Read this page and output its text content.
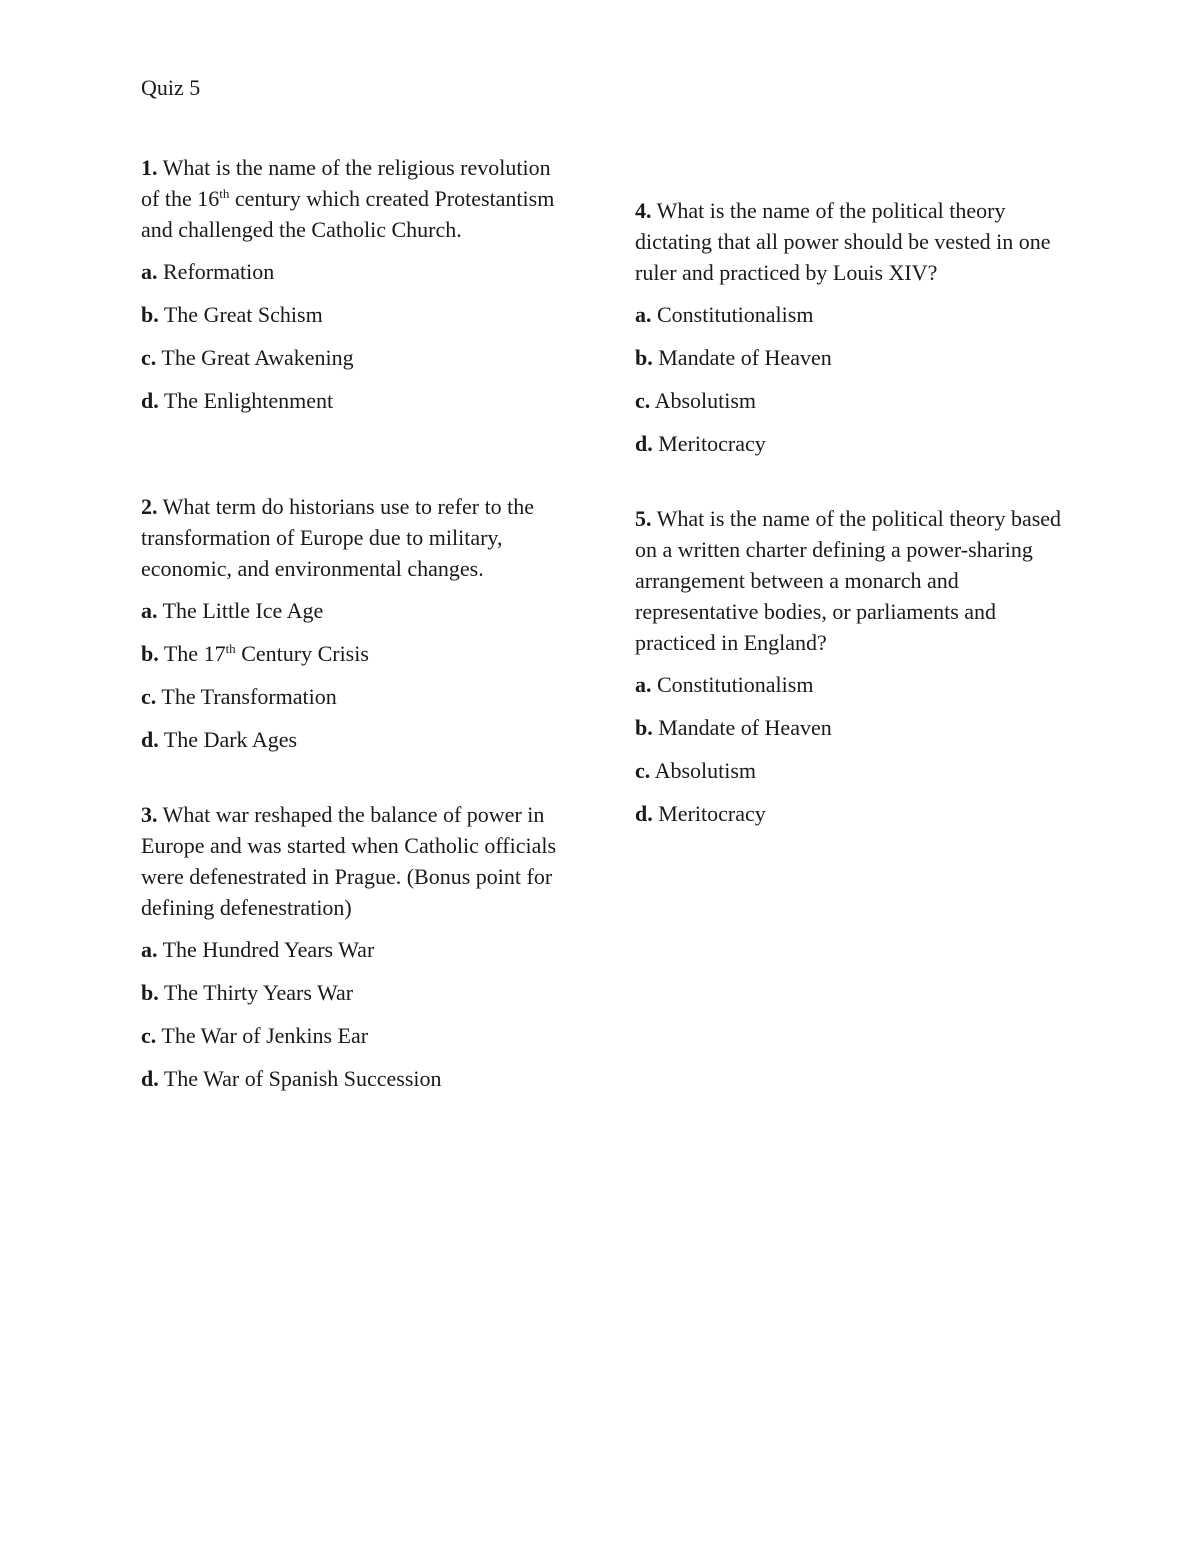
Quiz 5

1. What is the name of the religious revolution of the 16th century which created Protestantism and challenged the Catholic Church.

a. Reformation
b. The Great Schism
c. The Great Awakening
d. The Enlightenment

2. What term do historians use to refer to the transformation of Europe due to military, economic, and environmental changes.

a. The Little Ice Age
b. The 17th Century Crisis
c. The Transformation
d. The Dark Ages

3. What war reshaped the balance of power in Europe and was started when Catholic officials were defenestrated in Prague. (Bonus point for defining defenestration)

a. The Hundred Years War
b. The Thirty Years War
c. The War of Jenkins Ear
d. The War of Spanish Succession

4. What is the name of the political theory dictating that all power should be vested in one ruler and practiced by Louis XIV?

a. Constitutionalism
b. Mandate of Heaven
c. Absolutism
d. Meritocracy

5. What is the name of the political theory based on a written charter defining a power-sharing arrangement between a monarch and representative bodies, or parliaments and practiced in England?

a. Constitutionalism
b. Mandate of Heaven
c. Absolutism
d. Meritocracy
